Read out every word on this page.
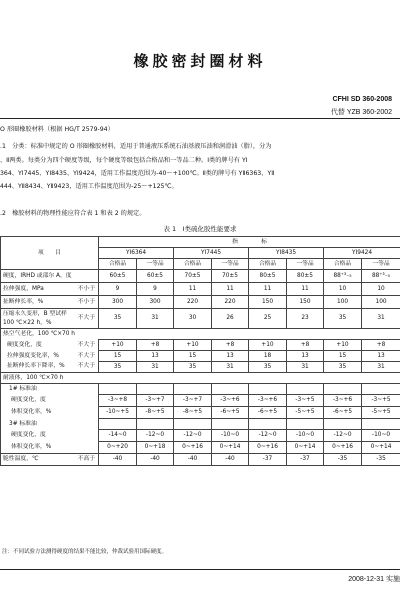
橡胶密封圈材料
CFHI SD 360-2008
代替 YZB 360-2002
O 形圈橡胶材料（根据 HG/T 2579-94）
.1　分类：标准中规定的 O 形圈橡胶材料，适用于普通液压系统石油基液压油和润滑油（脂），分为
、Ⅱ两类。每类分为四个硬度等级，每个硬度等级包括合格品和一等品二种。Ⅰ类的牌号有 YⅠ
364、YⅠ7445、YⅠ8435、YⅠ9424，适用工作温度范围为-40～+100℃。Ⅱ类的牌号有 YⅡ6363、YⅡ
444、YⅡ8434、YⅡ9423，适用工作温度范围为-25～+125℃。
.2　橡胶材料的物理性能应符合表 1 和表 2 的规定。
表 1　Ⅰ类硫化胶性能要求
项　　目		指　　　　标							
		YI6364		YI7445		YI8435		YI9424	
		合格品	一等品	合格品	一等品	合格品	一等品	合格品	一等品
硬度，IRHD 或邵尔 A，度		60±5	60±5	70±5	70±5	80±5	80±5	88⁺³₋₅	88⁺³₋₅

拉伸强度，MPa	不小于	9	9	11	11	11	11	10	10

扯断伸长率，%	不小于	300	300	220	220	150	150	100	100

压缩永久变形，B 型试样
100 ℃×22 h，%	不大于	35	31	30	26	25	23	35	31
热空气老化，100 ℃×70 h									
硬度变化，度	不大于	+10	+8	+10	+8	+10	+8	+10	+8
拉伸强度变化率，%	不大于	15	13	15	13	18	13	15	13
扯断伸长率下降率，%	不大于	35	31	35	31	35	31	35	31
耐液体，100 ℃×70 h									
1# 标准油									
硬度变化，度		-3~+8	-3~+7	-3~+7	-3~+6	-3~+6	-3~+5	-3~+6	-3~+5
体积变化率，%		-10~+5	-8~+5	-8~+5	-6~+5	-6~+5	-5~+5	-6~+5	-5~+5
3# 标准油									
硬度变化，度		-14~0	-12~0	-12~0	-10~0	-12~0	-10~0	-12~0	-10~0
体积变化率，%		0~+20	0~+18	0~+16	0~+14	0~+16	0~+14	0~+16	0~+14
脆性温度，℃	不高于	-40	-40	-40	-40	-37	-37	-35	-35
注：不同试验方法测得硬度的结果不能比较，仲裁试验用国际硬度。
2008-12-31 实施
